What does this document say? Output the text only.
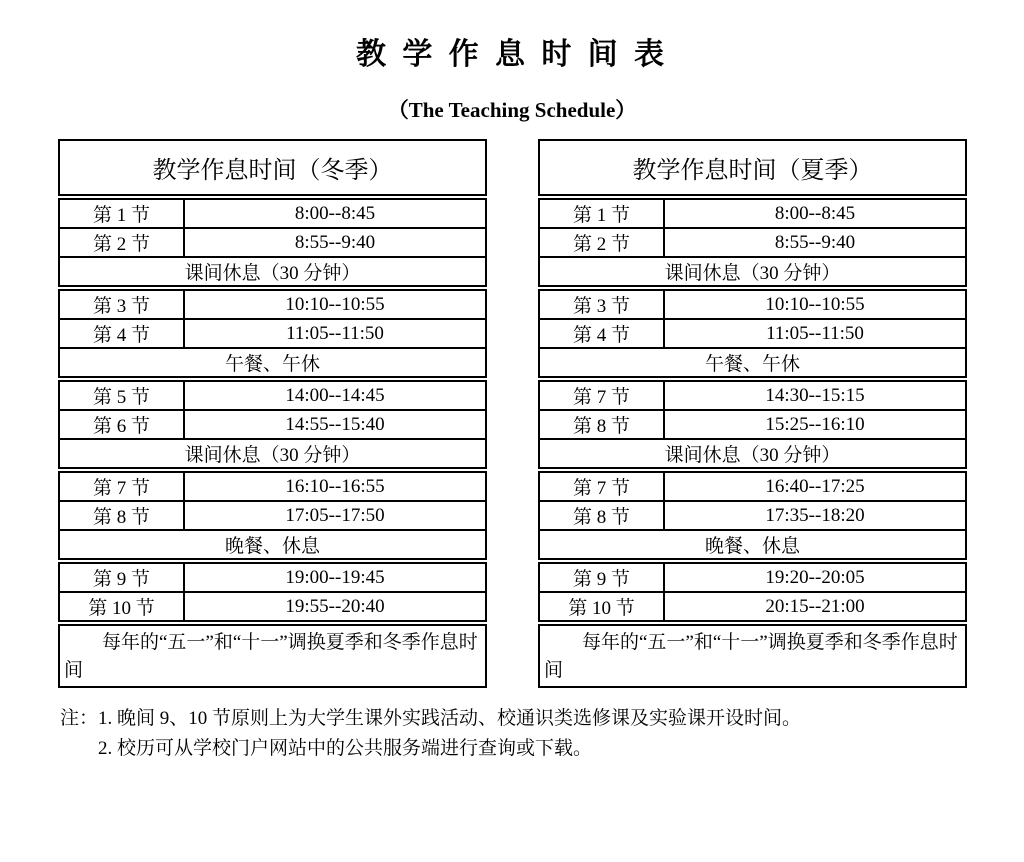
教 学 作 息 时 间 表
（The Teaching Schedule）
教学作息时间（冬季）
第 1 节	8:00--8:45
第 2 节	8:55--9:40
课间休息（30 分钟）
第 3 节	10:10--10:55
第 4 节	11:05--11:50
午餐、午休
第 5 节	14:00--14:45
第 6 节	14:55--15:40
课间休息（30 分钟）
第 7 节	16:10--16:55
第 8 节	17:05--17:50
晚餐、休息
第 9 节	19:00--19:45
第 10 节	19:55--20:40
每年的“五一”和“十一”调换夏季和冬季作息时间
教学作息时间（夏季）
第 1 节	8:00--8:45
第 2 节	8:55--9:40
课间休息（30 分钟）
第 3 节	10:10--10:55
第 4 节	11:05--11:50
午餐、午休
第 7 节	14:30--15:15
第 8 节	15:25--16:10
课间休息（30 分钟）
第 7 节	16:40--17:25
第 8 节	17:35--18:20
晚餐、休息
第 9 节	19:20--20:05
第 10 节	20:15--21:00
每年的“五一”和“十一”调换夏季和冬季作息时间
注： 1. 晚间 9、10 节原则上为大学生课外实践活动、校通识类选修课及实验课开设时间。
2. 校历可从学校门户网站中的公共服务端进行查询或下载。
